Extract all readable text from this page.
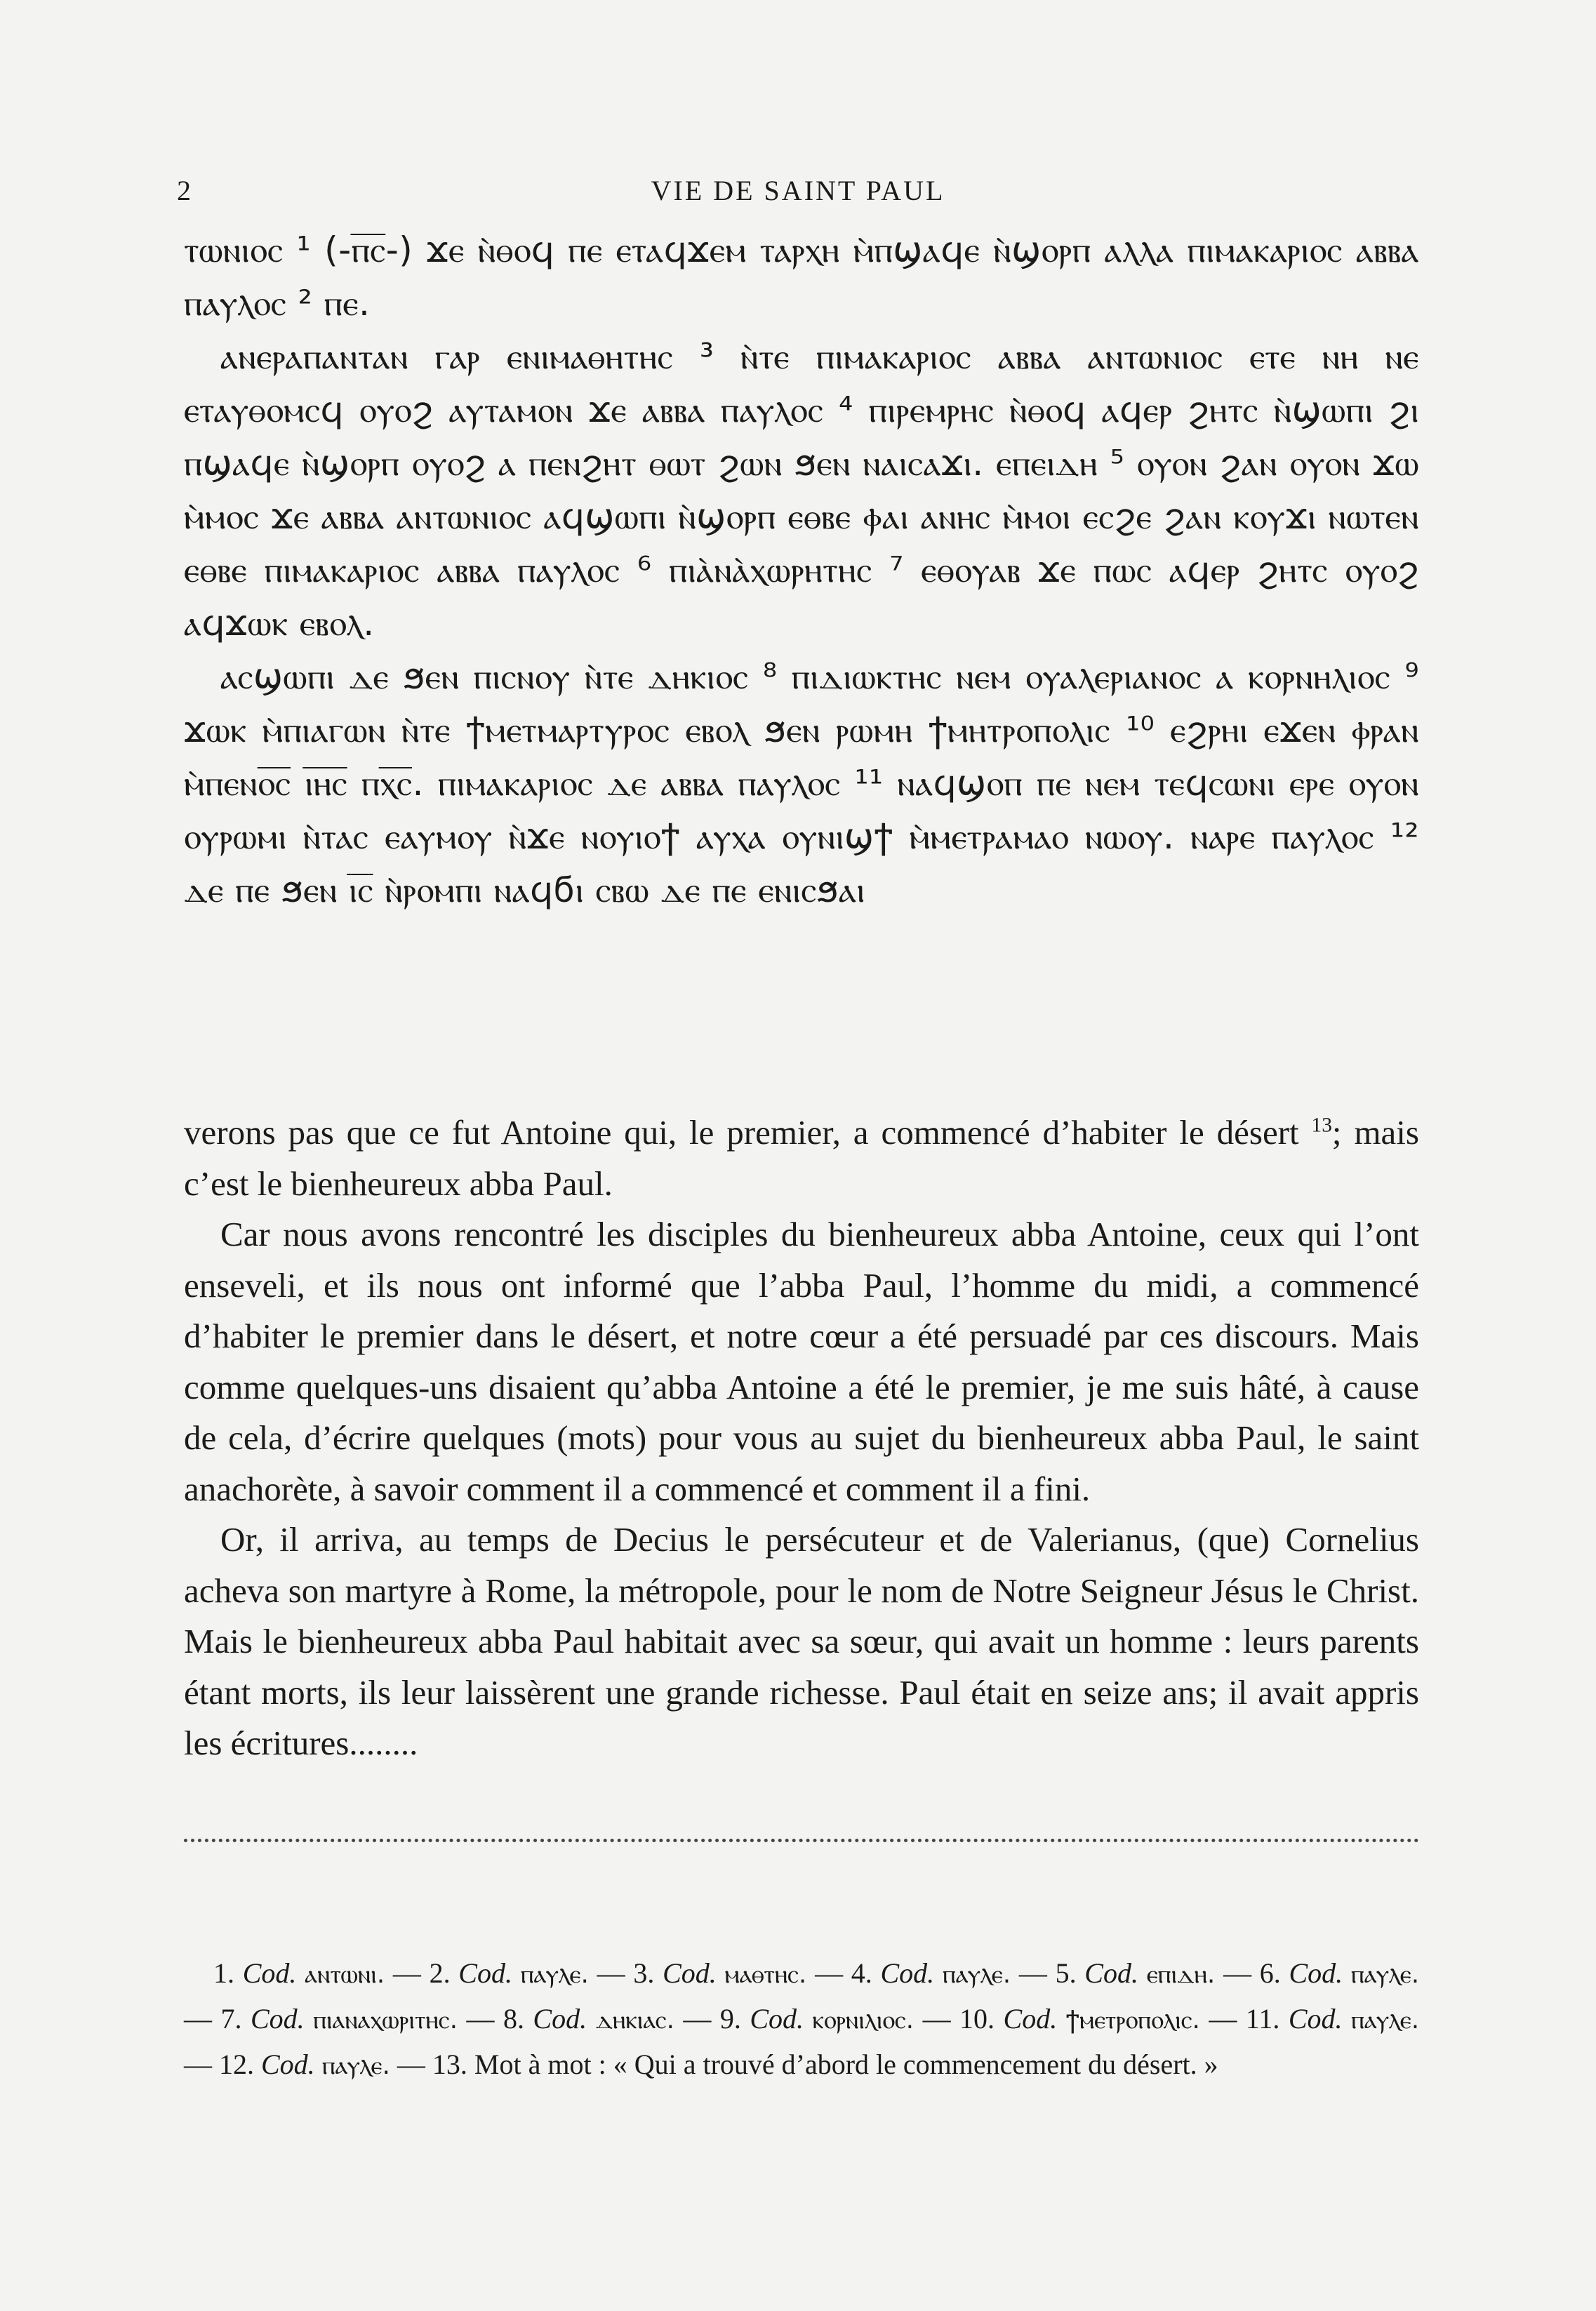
2	VIE DE SAINT PAUL

ⲧⲱⲛⲓⲟⲥ ¹ (-ⲡ̅ⲥ̅-) ϫⲉ ⲛ̀ⲑⲟϥ ⲡⲉ ⲉⲧⲁϥϫⲉⲙ ⲧⲁⲣⲭⲏ ⲙ̀ⲡϣⲁϥⲉ ⲛ̀ϣⲟⲣⲡ ⲁⲗⲗⲁ ⲡⲓⲙⲁⲕⲁⲣⲓⲟⲥ ⲁⲃⲃⲁ ⲡⲁⲩⲗⲟⲥ ² ⲡⲉ.

ⲁⲛⲉⲣⲁⲡⲁⲛⲧⲁⲛ ⲅⲁⲣ ⲉⲛⲓⲙⲁⲑⲏⲧⲏⲥ ³ ⲛ̀ⲧⲉ ⲡⲓⲙⲁⲕⲁⲣⲓⲟⲥ ⲁⲃⲃⲁ ⲁⲛⲧⲱⲛⲓⲟⲥ ⲉⲧⲉ ⲛⲏ ⲛⲉ ⲉⲧⲁⲩⲑⲟⲙⲥϥ ⲟⲩⲟϩ ⲁⲩⲧⲁⲙⲟⲛ ϫⲉ ⲁⲃⲃⲁ ⲡⲁⲩⲗⲟⲥ ⁴ ⲡⲓⲣⲉⲙⲣⲏⲥ ⲛ̀ⲑⲟϥ ⲁϥⲉⲣ ϩⲏⲧⲥ ⲛ̀ϣⲱⲡⲓ ϩⲓ ⲡϣⲁϥⲉ ⲛ̀ϣⲟⲣⲡ ⲟⲩⲟϩ ⲁ ⲡⲉⲛϩⲏⲧ ⲑⲱⲧ ϩⲱⲛ ϧⲉⲛ ⲛⲁⲓⲥⲁϫⲓ. ⲉⲡⲉⲓⲇⲏ ⁵ ⲟⲩⲟⲛ ϩⲁⲛ ⲟⲩⲟⲛ ϫⲱ ⲙ̀ⲙⲟⲥ ϫⲉ ⲁⲃⲃⲁ ⲁⲛⲧⲱⲛⲓⲟⲥ ⲁϥϣⲱⲡⲓ ⲛ̀ϣⲟⲣⲡ ⲉⲑⲃⲉ ⲫⲁⲓ ⲁⲛⲏⲥ ⲙ̀ⲙⲟⲓ ⲉⲥϩⲉ ϩⲁⲛ ⲕⲟⲩϫⲓ ⲛⲱⲧⲉⲛ ⲉⲑⲃⲉ ⲡⲓⲙⲁⲕⲁⲣⲓⲟⲥ ⲁⲃⲃⲁ ⲡⲁⲩⲗⲟⲥ ⁶ ⲡⲓⲁ̀ⲛⲁ̀ⲭⲱⲣⲏⲧⲏⲥ ⁷ ⲉⲑⲟⲩⲁⲃ ϫⲉ ⲡⲱⲥ ⲁϥⲉⲣ ϩⲏⲧⲥ ⲟⲩⲟϩ ⲁϥϫⲱⲕ ⲉⲃⲟⲗ.

ⲁⲥϣⲱⲡⲓ ⲇⲉ ϧⲉⲛ ⲡⲓⲥⲛⲟⲩ ⲛ̀ⲧⲉ ⲇⲏⲕⲓⲟⲥ ⁸ ⲡⲓⲇⲓⲱⲕⲧⲏⲥ ⲛⲉⲙ ⲟⲩⲁⲗⲉⲣⲓⲁⲛⲟⲥ ⲁ ⲕⲟⲣⲛⲏⲗⲓⲟⲥ ⁹ ϫⲱⲕ ⲙ̀ⲡⲓⲁⲅⲱⲛ ⲛ̀ⲧⲉ ϯⲙⲉⲧⲙⲁⲣⲧⲩⲣⲟⲥ ⲉⲃⲟⲗ ϧⲉⲛ ⲣⲱⲙⲏ ϯⲙⲏⲧⲣⲟⲡⲟⲗⲓⲥ ¹⁰ ⲉϩⲣⲏⲓ ⲉϫⲉⲛ ⲫⲣⲁⲛ ⲙ̀ⲡⲉⲛⲟ̅ⲥ̅ ⲓ̅ⲏ̅ⲥ̅ ⲡⲭ̅ⲥ̅. ⲡⲓⲙⲁⲕⲁⲣⲓⲟⲥ ⲇⲉ ⲁⲃⲃⲁ ⲡⲁⲩⲗⲟⲥ ¹¹ ⲛⲁϥϣⲟⲡ ⲡⲉ ⲛⲉⲙ ⲧⲉϥⲥⲱⲛⲓ ⲉⲣⲉ ⲟⲩⲟⲛ ⲟⲩⲣⲱⲙⲓ ⲛ̀ⲧⲁⲥ ⲉⲁⲩⲙⲟⲩ ⲛ̀ϫⲉ ⲛⲟⲩⲓⲟϯ ⲁⲩⲭⲁ ⲟⲩⲛⲓϣϯ ⲙ̀ⲙⲉⲧⲣⲁⲙⲁⲟ ⲛⲱⲟⲩ. ⲛⲁⲣⲉ ⲡⲁⲩⲗⲟⲥ ¹² ⲇⲉ ⲡⲉ ϧⲉⲛ ⲓ̅ⲥ̅ ⲛ̀ⲣⲟⲙⲡⲓ ⲛⲁϥϭⲓ ⲥⲃⲱ ⲇⲉ ⲡⲉ ⲉⲛⲓⲥϧⲁⲓ

verons pas que ce fut Antoine qui, le premier, a commencé d’habiter le désert $^{13}$; mais c’est le bienheureux abba Paul.

Car nous avons rencontré les disciples du bienheureux abba Antoine, ceux qui l’ont enseveli, et ils nous ont informé que l’abba Paul, l’homme du midi, a commencé d’habiter le premier dans le désert, et notre cœur a été persuadé par ces discours. Mais comme quelques-uns disaient qu’abba Antoine a été le premier, je me suis hâté, à cause de cela, d’écrire quelques (mots) pour vous au sujet du bienheureux abba Paul, le saint anachorète, à savoir comment il a commencé et comment il a fini.

Or, il arriva, au temps de Decius le persécuteur et de Valerianus, (que) Cornelius acheva son martyre à Rome, la métropole, pour le nom de Notre Seigneur Jésus le Christ. Mais le bienheureux abba Paul habitait avec sa sœur, qui avait un homme : leurs parents étant morts, ils leur laissèrent une grande richesse. Paul était en seize ans; il avait appris les écritures........

1. Cod. ⲁⲛⲧⲱⲛⲓ. — 2. Cod. ⲡⲁⲩⲗⲉ. — 3. Cod. ⲙⲁⲑⲧⲏⲥ. — 4. Cod. ⲡⲁⲩⲗⲉ. — 5. Cod. ⲉⲡⲓⲇⲏ. — 6. Cod. ⲡⲁⲩⲗⲉ. — 7. Cod. ⲡⲓⲁⲛⲁⲭⲱⲣⲓⲧⲏⲥ. — 8. Cod. ⲇⲏⲕⲓⲁⲥ. — 9. Cod. ⲕⲟⲣⲛⲓⲗⲓⲟⲥ. — 10. Cod. ϯⲙⲉⲧⲣⲟⲡⲟⲗⲓⲥ. — 11. Cod. ⲡⲁⲩⲗⲉ. — 12. Cod. ⲡⲁⲩⲗⲉ. — 13. Mot à mot : « Qui a trouvé d’abord le commencement du désert. »
